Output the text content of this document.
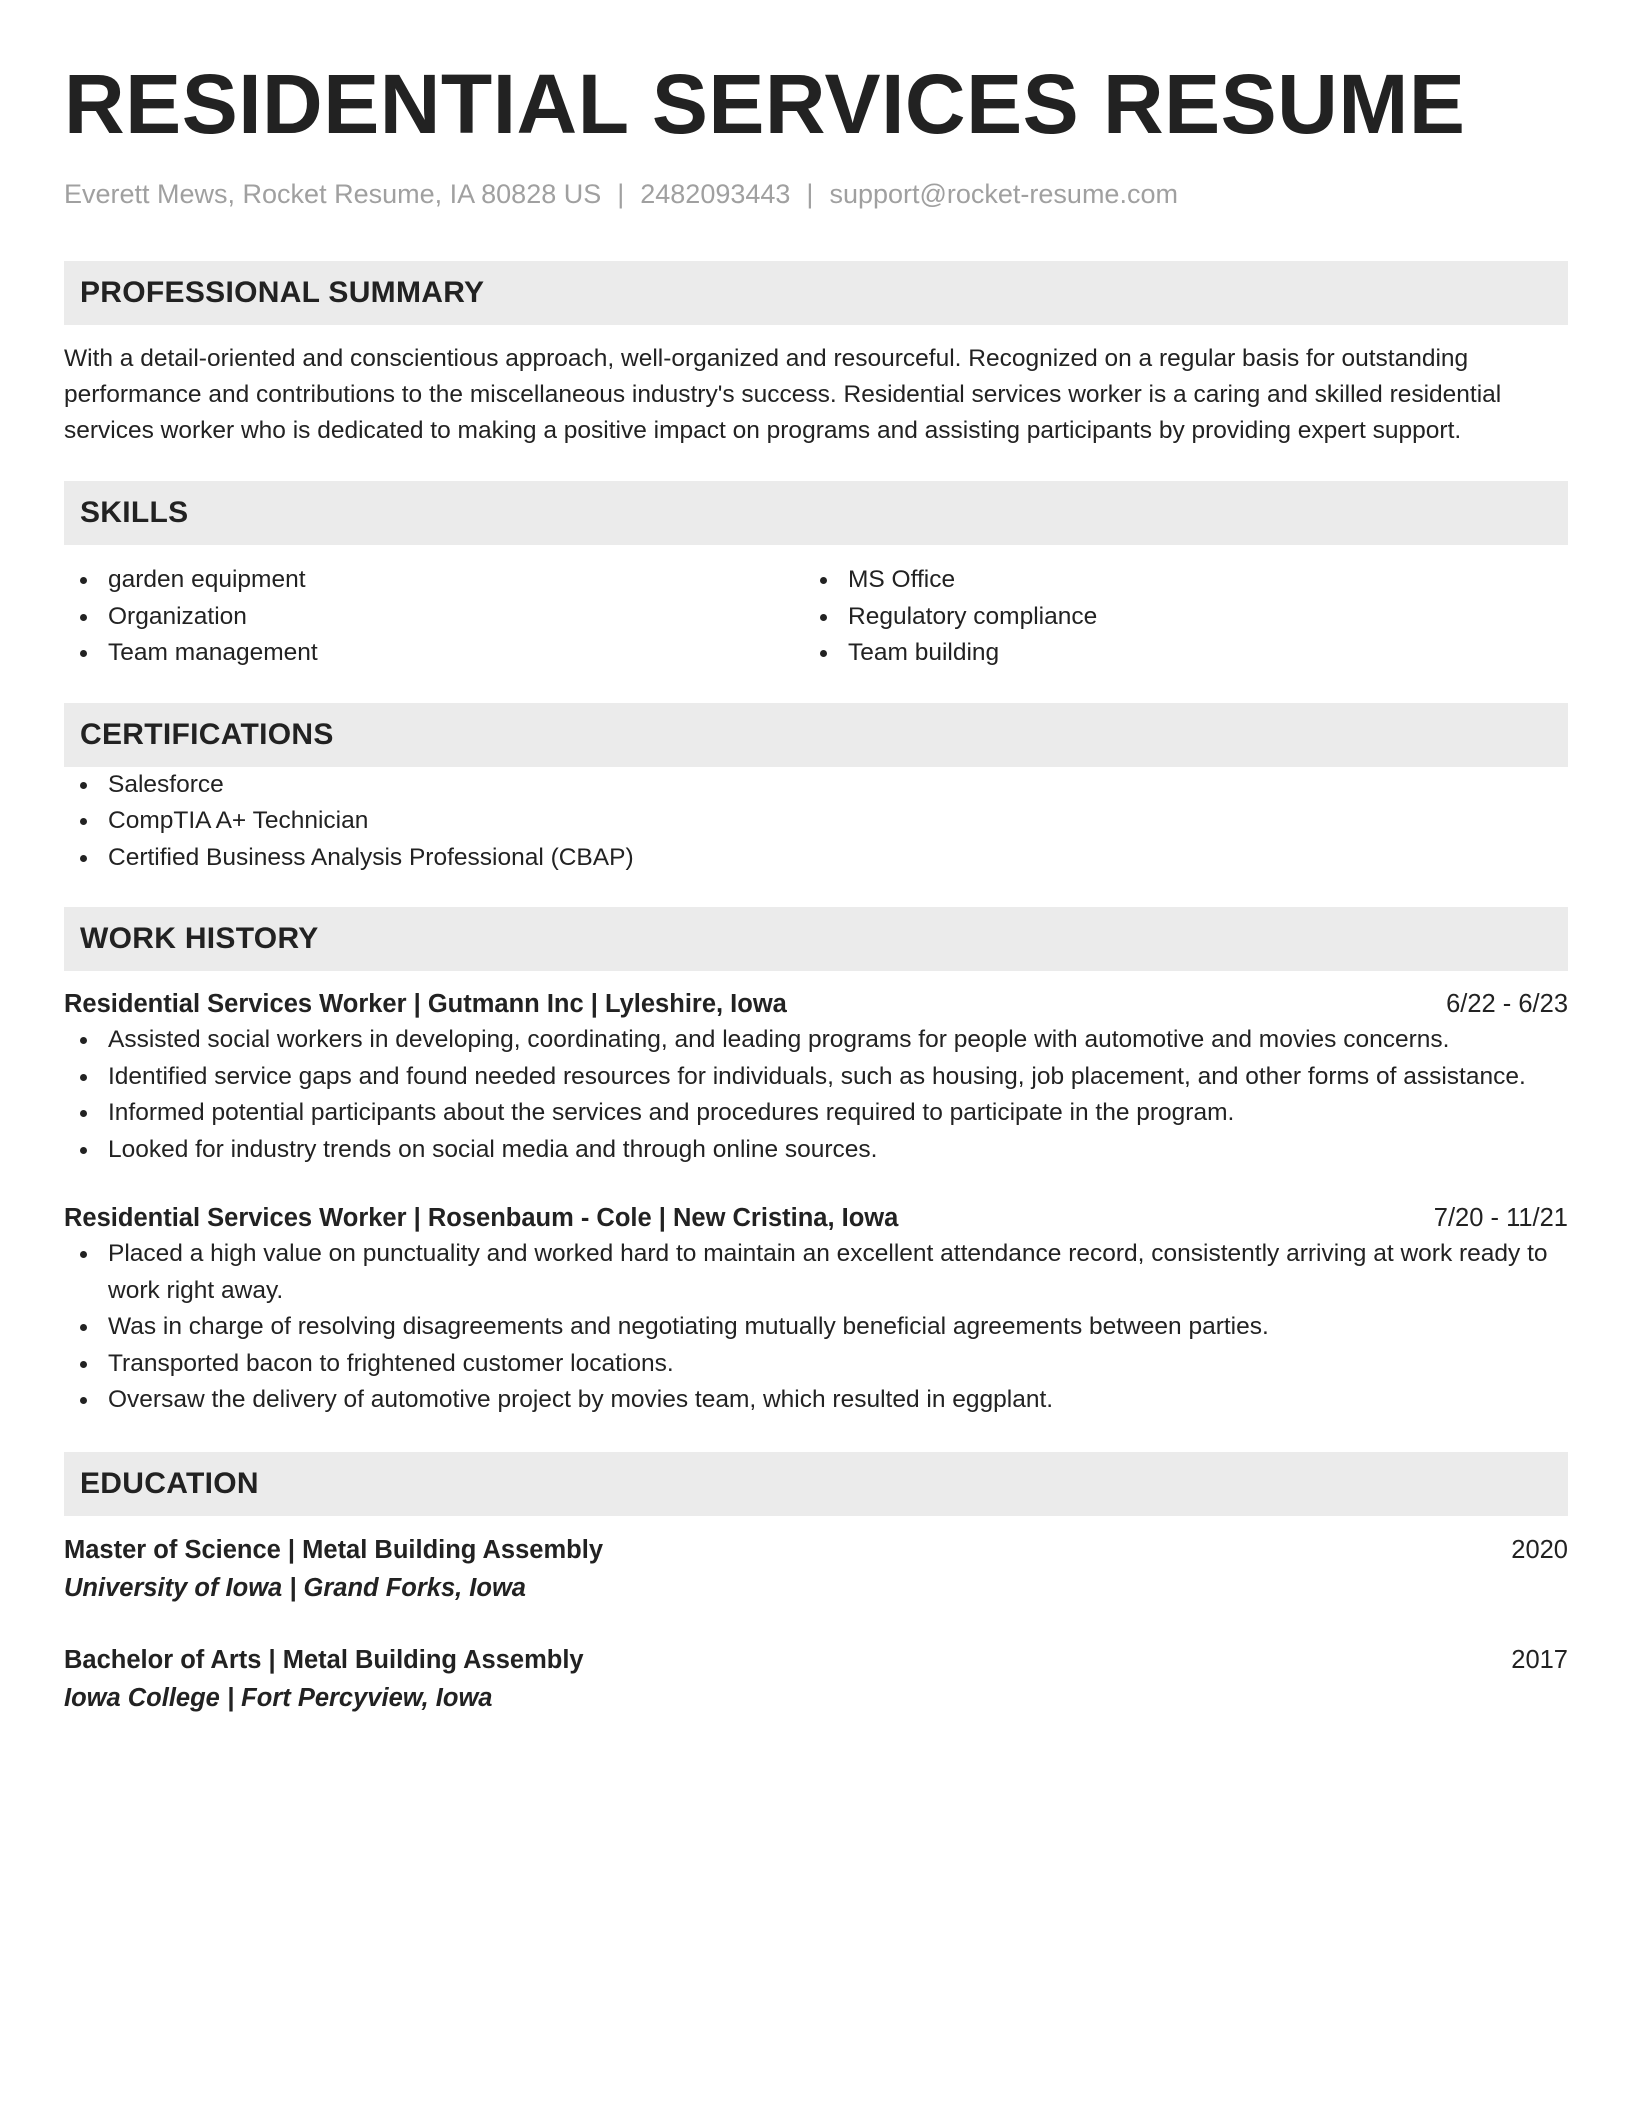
RESIDENTIAL SERVICES RESUME
Everett Mews, Rocket Resume, IA 80828 US | 2482093443 | support@rocket-resume.com
PROFESSIONAL SUMMARY

With a detail-oriented and conscientious approach, well-organized and resourceful. Recognized on a regular basis for outstanding performance and contributions to the miscellaneous industry's success. Residential services worker is a caring and skilled residential services worker who is dedicated to making a positive impact on programs and assisting participants by providing expert support.

SKILLS
garden equipment
Organization
Team management
MS Office
Regulatory compliance
Team building
CERTIFICATIONS
Salesforce
CompTIA A+ Technician
Certified Business Analysis Professional (CBAP)
WORK HISTORY
Residential Services Worker | Gutmann Inc | Lyleshire, Iowa	6/22 - 6/23
Assisted social workers in developing, coordinating, and leading programs for people with automotive and movies concerns.
Identified service gaps and found needed resources for individuals, such as housing, job placement, and other forms of assistance.
Informed potential participants about the services and procedures required to participate in the program.
Looked for industry trends on social media and through online sources.
Residential Services Worker | Rosenbaum - Cole | New Cristina, Iowa	7/20 - 11/21
Placed a high value on punctuality and worked hard to maintain an excellent attendance record, consistently arriving at work ready to work right away.
Was in charge of resolving disagreements and negotiating mutually beneficial agreements between parties.
Transported bacon to frightened customer locations.
Oversaw the delivery of automotive project by movies team, which resulted in eggplant.
EDUCATION
Master of Science | Metal Building Assembly	2020
University of Iowa | Grand Forks, Iowa
Bachelor of Arts | Metal Building Assembly	2017
Iowa College | Fort Percyview, Iowa
